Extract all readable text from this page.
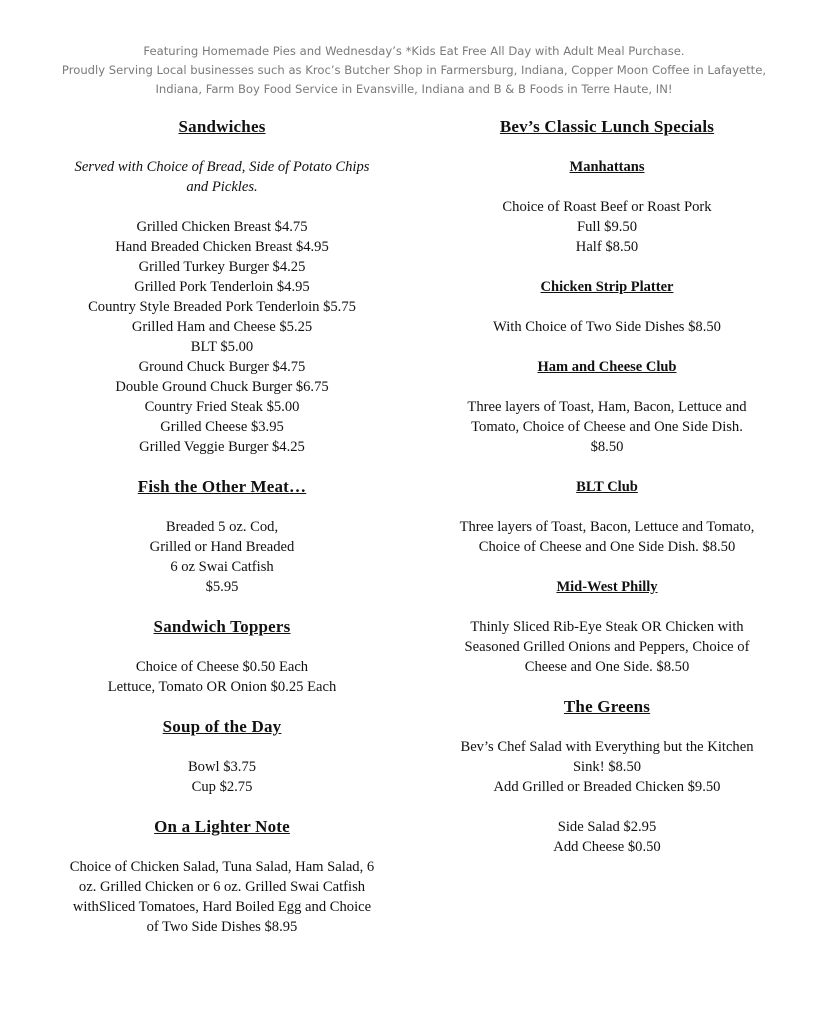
Featuring Homemade Pies and Wednesday’s *Kids Eat Free All Day with Adult Meal Purchase.
Proudly Serving Local businesses such as Kroc’s Butcher Shop in Farmersburg, Indiana, Copper Moon Coffee in Lafayette,
Indiana, Farm Boy Food Service in Evansville, Indiana and B & B Foods in Terre Haute, IN!
Sandwiches
Served with Choice of Bread, Side of Potato Chips
and Pickles.
Grilled Chicken Breast $4.75
Hand Breaded Chicken Breast $4.95
Grilled Turkey Burger $4.25
Grilled Pork Tenderloin $4.95
Country Style Breaded Pork Tenderloin $5.75
Grilled Ham and Cheese $5.25
BLT $5.00
Ground Chuck Burger $4.75
Double Ground Chuck Burger $6.75
Country Fried Steak $5.00
Grilled Cheese $3.95
Grilled Veggie Burger $4.25
Fish the Other Meat…
Breaded 5 oz. Cod,
Grilled or Hand Breaded
6 oz Swai Catfish
$5.95
Sandwich Toppers
Choice of Cheese $0.50 Each
Lettuce, Tomato OR Onion $0.25 Each
Soup of the Day
Bowl $3.75
Cup $2.75
On a Lighter Note
Choice of Chicken Salad, Tuna Salad, Ham Salad, 6
oz. Grilled Chicken or 6 oz. Grilled Swai Catfish
withSliced Tomatoes, Hard Boiled Egg and Choice
of Two Side Dishes $8.95
Bev’s Classic Lunch Specials
Manhattans
Choice of Roast Beef or Roast Pork
Full $9.50
Half $8.50
Chicken Strip Platter
With Choice of Two Side Dishes $8.50
Ham and Cheese Club
Three layers of Toast, Ham, Bacon, Lettuce and
Tomato, Choice of Cheese and One Side Dish.
$8.50
BLT Club
Three layers of Toast, Bacon, Lettuce and Tomato,
Choice of Cheese and One Side Dish. $8.50
Mid-West Philly
Thinly Sliced Rib-Eye Steak OR Chicken with
Seasoned Grilled Onions and Peppers, Choice of
Cheese and One Side. $8.50
The Greens
Bev’s Chef Salad with Everything but the Kitchen
Sink! $8.50
Add Grilled or Breaded Chicken $9.50
Side Salad $2.95
Add Cheese $0.50
